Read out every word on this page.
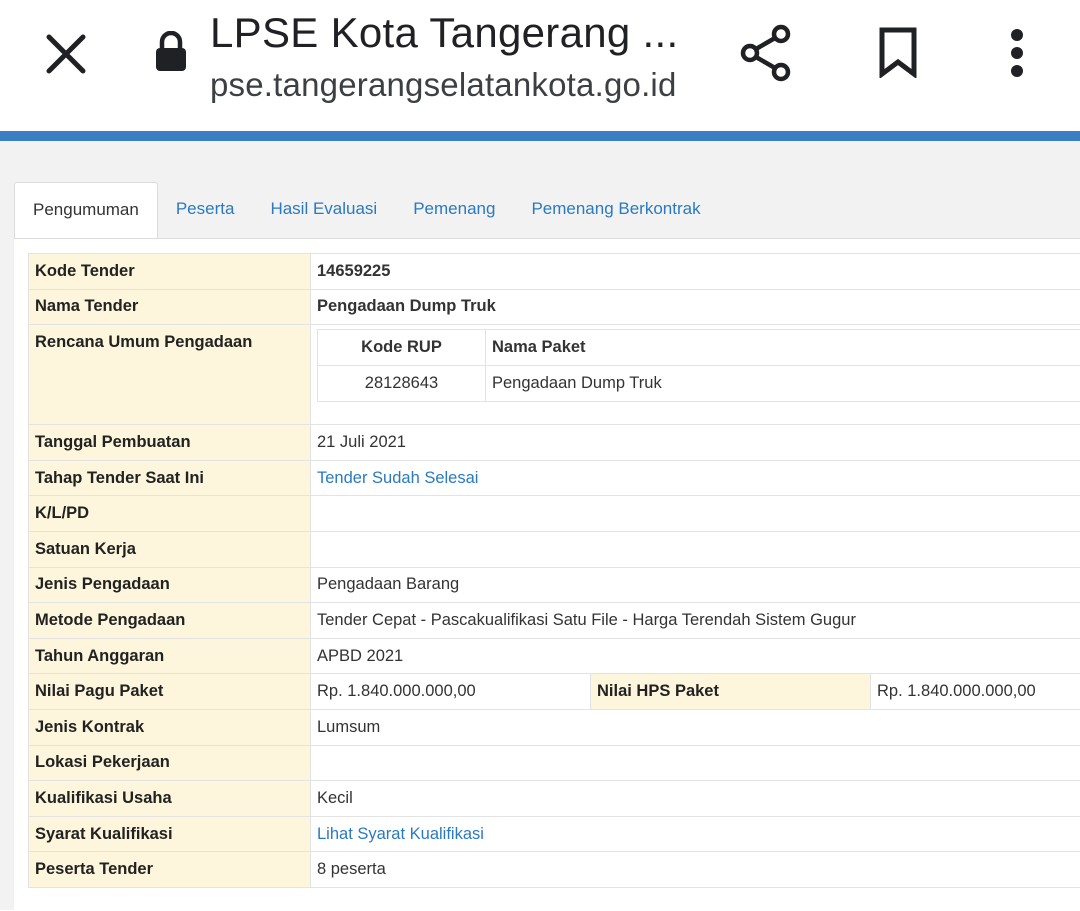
LPSE Kota Tangerang ...
pse.tangerangselatankota.go.id
Pengumuman	Peserta	Hasil Evaluasi	Pemenang	Pemenang Berkontrak
Kode Tender	14659225
Nama Tender	Pengadaan Dump Truk
Rencana Umum Pengadaan		Kode RUP	Nama Paket
28128643	Pengadaan Dump Truk

Tanggal Pembuatan	21 Juli 2021
Tahap Tender Saat Ini	Tender Sudah Selesai
K/L/PD	
Satuan Kerja	
Jenis Pengadaan	Pengadaan Barang
Metode Pengadaan	Tender Cepat - Pascakualifikasi Satu File - Harga Terendah Sistem Gugur
Tahun Anggaran	APBD 2021
Nilai Pagu Paket	Rp. 1.840.000.000,00	Nilai HPS Paket	Rp. 1.840.000.000,00
Jenis Kontrak	Lumsum
Lokasi Pekerjaan	
Kualifikasi Usaha	Kecil
Syarat Kualifikasi	Lihat Syarat Kualifikasi
Peserta Tender	8 peserta
